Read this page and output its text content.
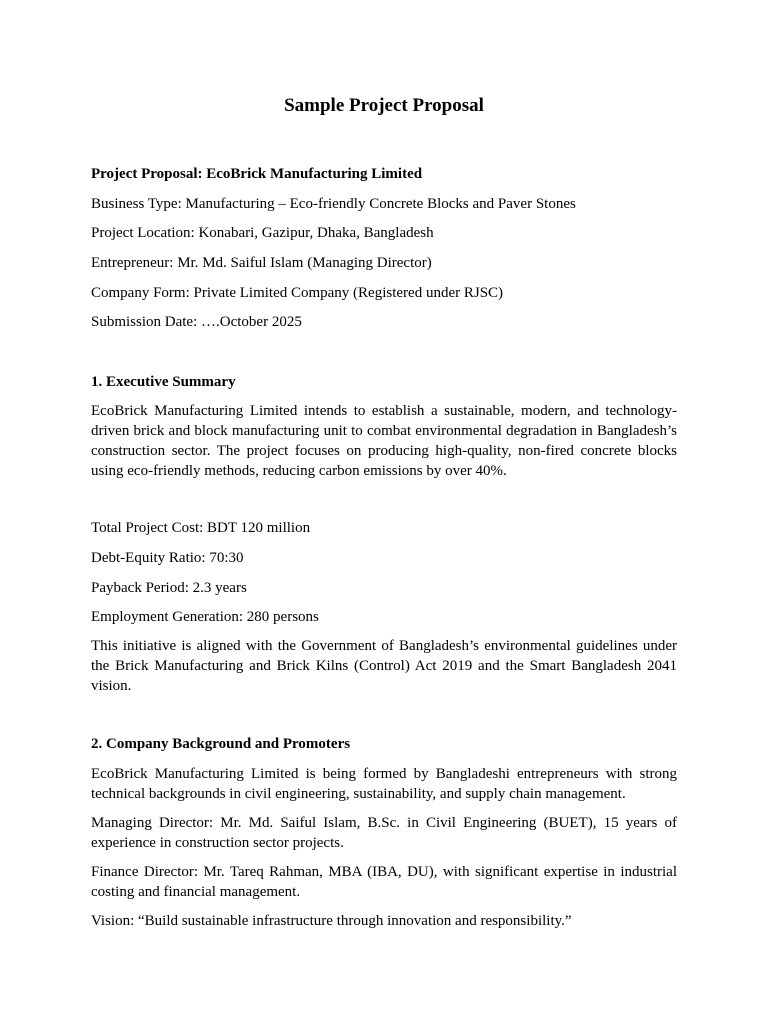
Sample Project Proposal

Project Proposal: EcoBrick Manufacturing Limited

Business Type: Manufacturing – Eco-friendly Concrete Blocks and Paver Stones

Project Location: Konabari, Gazipur, Dhaka, Bangladesh

Entrepreneur: Mr. Md. Saiful Islam (Managing Director)

Company Form: Private Limited Company (Registered under RJSC)

Submission Date: ….October 2025

1. Executive Summary

EcoBrick Manufacturing Limited intends to establish a sustainable, modern, and technology-driven brick and block manufacturing unit to combat environmental degradation in Bangladesh’s construction sector. The project focuses on producing high-quality, non-fired concrete blocks using eco-friendly methods, reducing carbon emissions by over 40%.

Total Project Cost: BDT 120 million

Debt-Equity Ratio: 70:30

Payback Period: 2.3 years

Employment Generation: 280 persons

This initiative is aligned with the Government of Bangladesh’s environmental guidelines under the Brick Manufacturing and Brick Kilns (Control) Act 2019 and the Smart Bangladesh 2041 vision.

2. Company Background and Promoters

EcoBrick Manufacturing Limited is being formed by Bangladeshi entrepreneurs with strong technical backgrounds in civil engineering, sustainability, and supply chain management.

Managing Director: Mr. Md. Saiful Islam, B.Sc. in Civil Engineering (BUET), 15 years of experience in construction sector projects.

Finance Director: Mr. Tareq Rahman, MBA (IBA, DU), with significant expertise in industrial costing and financial management.

Vision: “Build sustainable infrastructure through innovation and responsibility.”
